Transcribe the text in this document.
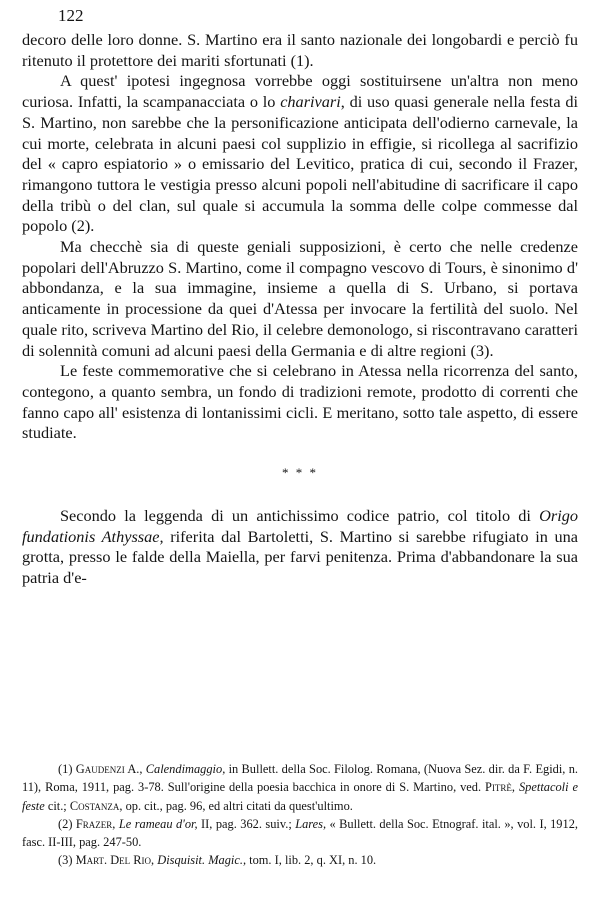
122

decoro delle loro donne. S. Martino era il santo nazionale dei longobardi e perciò fu ritenuto il protettore dei mariti sfortunati (1).

A quest' ipotesi ingegnosa vorrebbe oggi sostituirsene un'altra non meno curiosa. Infatti, la scampanacciata o lo charivari, di uso quasi generale nella festa di S. Martino, non sarebbe che la personificazione anticipata dell'odierno carnevale, la cui morte, celebrata in alcuni paesi col supplizio in effigie, si ricollega al sacrifizio del « capro espiatorio » o emissario del Levitico, pratica di cui, secondo il Frazer, rimangono tuttora le vestigia presso alcuni popoli nell'abitudine di sacrificare il capo della tribù o del clan, sul quale si accumula la somma delle colpe commesse dal popolo (2).

Ma checchè sia di queste geniali supposizioni, è certo che nelle credenze popolari dell'Abruzzo S. Martino, come il compagno vescovo di Tours, è sinonimo d' abbondanza, e la sua immagine, insieme a quella di S. Urbano, si portava anticamente in processione da quei d'Atessa per invocare la fertilità del suolo. Nel quale rito, scriveva Martino del Rio, il celebre demonologo, si riscontravano caratteri di solennità comuni ad alcuni paesi della Germania e di altre regioni (3).

Le feste commemorative che si celebrano in Atessa nella ricorrenza del santo, contegono, a quanto sembra, un fondo di tradizioni remote, prodotto di correnti che fanno capo all' esistenza di lontanissimi cicli. E meritano, sotto tale aspetto, di essere studiate.

* * *

Secondo la leggenda di un antichissimo codice patrio, col titolo di Origo fundationis Athyssae, riferita dal Bartoletti, S. Martino si sarebbe rifugiato in una grotta, presso le falde della Maiella, per farvi penitenza. Prima d'abbandonare la sua patria d'e-

(1) Gaudenzi A., Calendimaggio, in Bullett. della Soc. Filolog. Romana, (Nuova Sez. dir. da F. Egidi, n. 11), Roma, 1911, pag. 3-78. Sull'origine della poesia bacchica in onore di S. Martino, ved. Pitrè, Spettacoli e feste cit.; Costanza, op. cit., pag. 96, ed altri citati da quest'ultimo.

(2) Frazer, Le rameau d'or, II, pag. 362. suiv.; Lares, « Bullett. della Soc. Etnograf. ital. », vol. I, 1912, fasc. II-III, pag. 247-50.

(3) Mart. Del Rio, Disquisit. Magic., tom. I, lib. 2, q. XI, n. 10.
